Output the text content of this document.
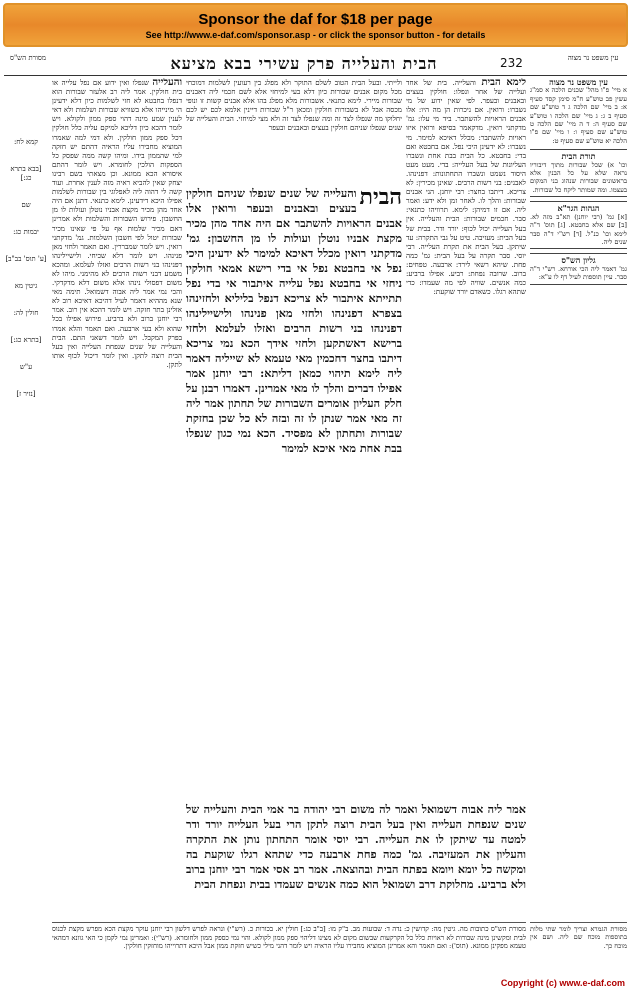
Sponsor the daf for $18 per page
See http://www.e-daf.com/sponsor.asp - or click the sponsor button - for details
מסורת הש"ס	הבית והעלייה פרק עשירי בבא מציעא	232	עין משפט נר מצוה
קמא לח:
[בבא בתרא כג:]
שם
יבמות כג:
[ע' תוס' בב"ב]
גיטין מא
חולין לה:
[בתרא כג:]
ע"ש
[נזיר ז]
והעלייה שנפלו ואין ידוע אם נפל עלייה או בית חולקין. אמר ליה רב אלעזר שבורות הוא דנפלו בחבטא לא חזי לשלמות כיון דלא ידעינן הי מינייהו אלא בשוויא שבורות ושלמות ולא דאי לענין שמע מינה דהוי ספק ממון ולקולא. ויש לומר דהכא כיון דליכא למיקם עליה כלל חולקין דכל ספק ממון חולקין. ולא דמי למה שאמרו המוציא מחבירו עליו הראיה דהתם יש חזקה למי שהממון בידו. ומיהו קשה ממה שפסק כל הספקות הולכין לחומרא. ויש לומר דהתם איסורא הכא ממונא. וכן מצאתי בשם רבינו יצחק שאין להביא ראיה מזה לענין אחרת. ועוד קשה לי דהוה ליה לאפלוגי בין שבורות לשלמות אפילו היכא דידעינן. לימא כתנאי. דתנן אם היה אחד מהן מכיר מקצת אבניו נוטלן ועולות לו מן החשבון. פירוש השבורות והשלמות ולא אמרינן דאם מכיר שלמות אף על פי שאינו מכיר שבורות יטול לפי חשבון השלמות. גמ' מדקתני רואין. ויש לומר שמבררין. ואם תאמר ולחזי מאן פנינהו. ויש לומר דלא שכיחי. ולישיילינהו דפנינהו בני רשות הרבים ואזלו לעלמא. ומהכא משמע דבני רשות הרבים לא מהימני. מיהו לא משום דפסולי נינהו אלא משום דלא מדקדקי. והכי נמי אמר ליה אבוה דשמואל. תימה מאי שנא מההיא דאמר לעיל דהיכא דאיכא רוב לא אזלינן בתר חזקה. ויש לומר דהכא אין רוב. אמר רבי יוחנן ברוב ולא ברביע. פירוש אפילו בכל שהוא ולא בעי ארבעה. ואם תאמר והלא אמרו בפרק המקבל. ויש לומר דשאני התם. הבית והעלייה של שנים שנפחת העלייה ואין בעל הבית רוצה לתקן. ואין לומר דיכול לכוף אותו לתקן.
ולייתי. ובעל הבית הטוב לשלם התוקר ולא מפלג בין רעועין לשלמות דמוכחי מכל מקום אבנים שבורות כיון דלא בעי למיחזי אלא לשם חכמי ליה דאבנים שבורות מיירי. לימא כתנאי. אשבורות מלא מפלג בהו אלא אבנים קשות זו ונופי מכסה אבל לא בשבורות חולקין ומכאן ר"ל שבורות דיינין אלמא לכם יש לכם יחלוקו מה שנפלו לצד זה ומה שנפלו לצד זה ולא מצי למיחזי. הבית והעלייה של שנים שנפלו שניהם חולקין בעצים ובאבנים ובעפר
הבית
והעלייה של שנים שנפלו שניהם חולקין בעצים ובאבנים ובעפר ורואין אלו אבנים הראויות להשתבר אם היה אחד מהן מכיר מקצת אבניו נוטלן ועולות לו מן החשבון: גמ' מדקתני רואין מכלל דאיכא למימר לא ידעינן היכי נפל אי בחבטא נפל אי בדי רישא אמאי חולקין ניחזי אי בחבטא נפל עלייה איתבור אי בדי נפל תתייתא איתבור לא צריכא דנפל בליליא ולחזינהו בצפרא דפנינהו ולחזי מאן פנינהו ולישיילינהו דפנינהו בני רשות הרבים ואזלו לעלמא ולחזי ברישא דאשתקען ולחזי אידך הכא נמי צריכא דיתבו בחצר דחכמין מאי טעמא לא שייליה דאמר ליה לימא תיהוי כמאן דליתא: רבי יוחנן אמר אפילו דברים והלך לו מאי אמרינן. דאמרו רבנן על חלק העליון אומרים השבורות של תחתון אמר ליה זה מאי אמר שנתן לו זה ובזה לא כל שכן בחזקת שבורות ותחתון לא מפסיד. הכא נמי כגון שנפלו בבת אחת מאי איכא למימר
לימא הבית והעלייה. בית של אחד ועלייה של אחר ונפלו: חולקין בעצים ובאבנים ובעפר. לפי שאין ידוע של מי נשברו: ורואין. אם ניכרות הן מה היו: אלו אבנים הראויות להשתבר. ביד מי עלו: גמ' מדקתני רואין. מדקאמר בסיפא ורואין איזו ראויות להשתבר: מכלל דאיכא למימר. מי נשברו: לא ידעינן היכי נפל. אם בחבטא ואם בדי: בחבטא. כל הבית בבת אחת ונשברו העליונות של בעל העלייה: בדי. מעט מעט היסוד נשמט ונשברו התחתונות: דפנינהו. לאבנים: בני רשות הרבים. שאינן מכירין: לא צריכא. דיתבו בחצר: רבי יוחנן. הני אבנים שבורות: והלך לו. לאחר זמן ולא ידע: ואמר ליה. אם זו דמיהן: לימא. תרוויהו כתנאי: סבר. חכמים שבורות: הבית והעלייה. אין בעל העלייה יכול לכוף: יורד ודר. בבית של בעל הבית: מעזיבה. טיט על גבי התקרה: עד שיתקן. בעל הבית את תקרת העלייה. רבי יוסי. סבר תקרה על בעל הבית: גמ' כמה פחת. שיהא רשאי לירד: ארבעה. טפחים: ברוב. שרובה נפחת: רביע. אפילו ברביע: כמה אנשים. שוויה לפי מה שעמדו: כדי שתהא רגלו. כשאדם יורד שוקעת:
עין משפט נר מצוה
א מיי' פ"ו מהל' שכנים הלכה א סמ"ג עשין פב טוש"ע ח"מ סימן קסד סעיף א: ב מיי' שם הלכה ג ד טוש"ע שם סעיף ב ג: ג מיי' שם הלכה ו טוש"ע שם סעיף ה: ד ה מיי' שם הלכה ט טוש"ע שם סעיף ו: ו מיי' שם פ"ו הלכה יא טוש"ע שם סעיף ט:
תורת הבית
וכו' א) שכל שבורות מתוך דיבוריו נראה שלא על כל הבנין אלא בראשונים שבורות שנהוג בני המקום בעצמו. ומה שמותר ליקח כל שבורות.
הגהות הגר"א
[א] גמ' (רבי יוחנן) תא"ב מזה לא. [ב] שם אלא בחבטא. [ג] תוס' ד"ה לימא וכו' כנ"ל. [ד] רש"י ד"ה סבר שנים ליה.
גליון הש"ס
גמ' דאמר ליה הכי אורחא. רש"י ד"ה סבר. עיין תוספות לעיל דף לו ע"א:
אמר ליה אבוה דשמואל ואמר לה משום רבי יהודה בר אמי הבית והעלייה של שנים שנפחת העלייה ואין בעל הבית רוצה לתקן הרי בעל העלייה יורד ודר למטה עד שיתקן לו את העלייה. רבי יוסי אומר התחתון נותן את התקרה והעליון את המעזיבה. גמ' כמה פחת ארבעה כדי שתהא רגלו שוקעת בה ומקשה כל יומא ויומא בפתח הבית ובהוצאה. אמר רב אסי אמר רבי יוחנן ברוב ולא ברביע. מחלוקת דרב ושמואל הוא כמה אנשים שעמדו בבית ונפחת הבית
מסורת הש"ס כתובות מה. גיטין מה: קדושין כ: נדה ד: שבועות מב. ב"ק מו: [ב"ב כג:] חולין יא. בכורות כ. (רש"י) ונראה לפרש דלשון רבי יוחנן עוקר מקצת הכא מפרש מקצת לכנוס לבית ומקשינן מינה שבורות לא ראויות כלל כל הקרקעות שבשום מקום לא מצינו דליהוי ספק ממון לקולא. והוי נמי כספק ממון ולחומרא. (רש"י): ואמרינן נמי לקמן כי האי גוונא דמהאי טעמא מפקינן ממונא. (תוס'): ואם תאמר והא אמרינן המוציא מחבירו עליו הראיה ויש לומר דהני מילי כשיש חזקת ממון אבל היכא דתרוייהו מוחזקין חולקין.
מסורת הגמרא וצריך לומר שתי מלות בתוספות מוכח שם ליה. ושם אין מוכח כך.
Copyright (c) www.e-daf.com
